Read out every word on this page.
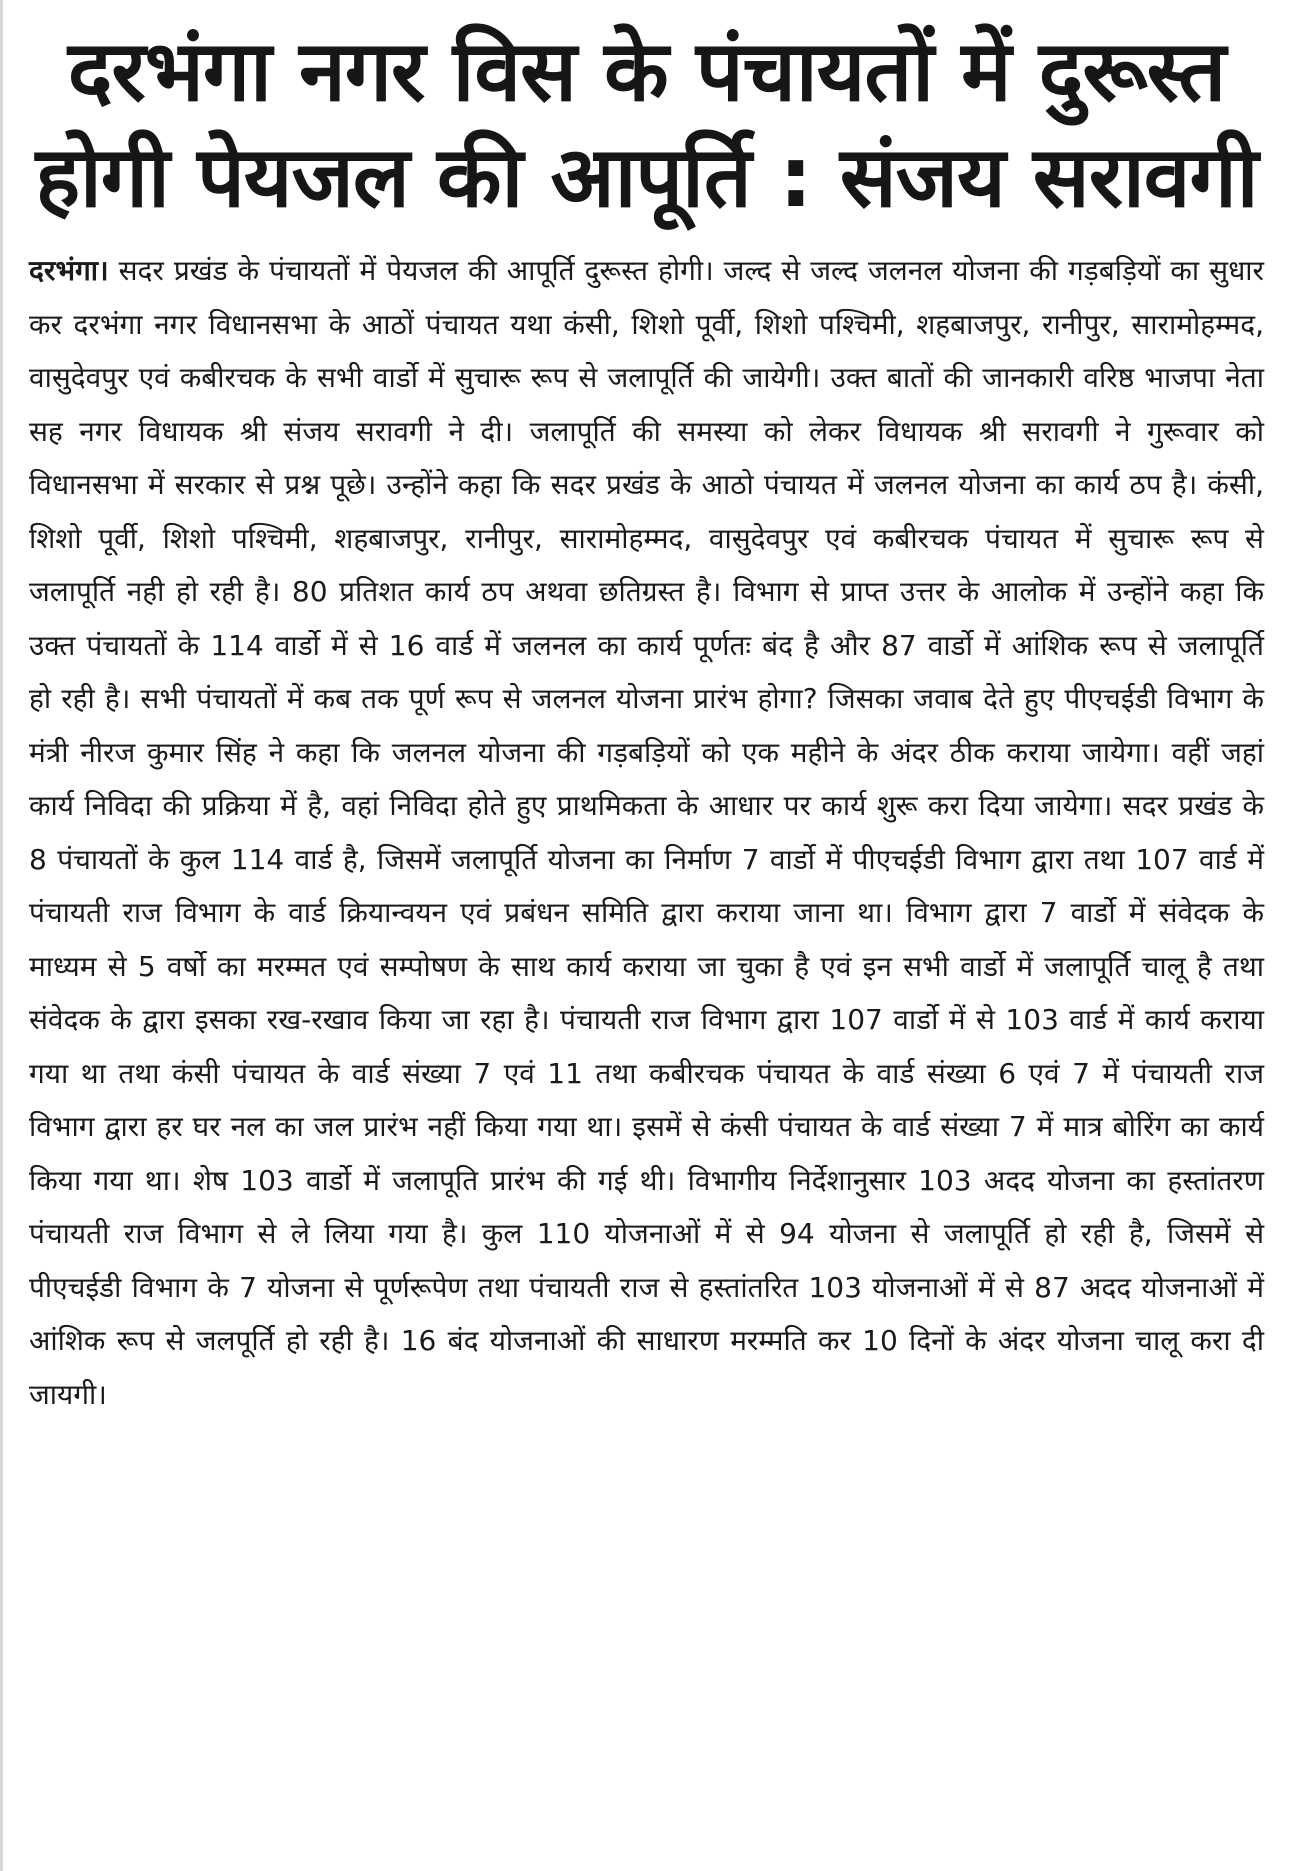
दरभंगा नगर विस के पंचायतों में दुरूस्त
होगी पेयजल की आपूर्ति : संजय सरावगी

दरभंगा। सदर प्रखंड के पंचायतों में पेयजल की आपूर्ति दुरूस्त होगी। जल्द से जल्द जलनल योजना की गड़बड़ियों का सुधार कर दरभंगा नगर विधानसभा के आठों पंचायत यथा कंसी, शिशो पूर्वी, शिशो पश्चिमी, शहबाजपुर, रानीपुर, सारामोहम्मद, वासुदेवपुर एवं कबीरचक के सभी वार्डो में सुचारू रूप से जलापूर्ति की जायेगी। उक्त बातों की जानकारी वरिष्ठ भाजपा नेता सह नगर विधायक श्री संजय सरावगी ने दी। जलापूर्ति की समस्या को लेकर विधायक श्री सरावगी ने गुरूवार को विधानसभा में सरकार से प्रश्न पूछे। उन्होंने कहा कि सदर प्रखंड के आठो पंचायत में जलनल योजना का कार्य ठप है। कंसी, शिशो पूर्वी, शिशो पश्चिमी, शहबाजपुर, रानीपुर, सारामोहम्मद, वासुदेवपुर एवं कबीरचक पंचायत में सुचारू रूप से जलापूर्ति नही हो रही है। 80 प्रतिशत कार्य ठप अथवा छतिग्रस्त है। विभाग से प्राप्त उत्तर के आलोक में उन्होंने कहा कि उक्त पंचायतों के 114 वार्डो में से 16 वार्ड में जलनल का कार्य पूर्णतः बंद है और 87 वार्डो में आंशिक रूप से जलापूर्ति हो रही है। सभी पंचायतों में कब तक पूर्ण रूप से जलनल योजना प्रारंभ होगा? जिसका जवाब देते हुए पीएचईडी विभाग के मंत्री नीरज कुमार सिंह ने कहा कि जलनल योजना की गड़बड़ियों को एक महीने के अंदर ठीक कराया जायेगा। वहीं जहां कार्य निविदा की प्रक्रिया में है, वहां निविदा होते हुए प्राथमिकता के आधार पर कार्य शुरू करा दिया जायेगा। सदर प्रखंड के 8 पंचायतों के कुल 114 वार्ड है, जिसमें जलापूर्ति योजना का निर्माण 7 वार्डो में पीएचईडी विभाग द्वारा तथा 107 वार्ड में पंचायती राज विभाग के वार्ड क्रियान्वयन एवं प्रबंधन समिति द्वारा कराया जाना था। विभाग द्वारा 7 वार्डो में संवेदक के माध्यम से 5 वर्षो का मरम्मत एवं सम्पोषण के साथ कार्य कराया जा चुका है एवं इन सभी वार्डो में जलापूर्ति चालू है तथा संवेदक के द्वारा इसका रख-रखाव किया जा रहा है। पंचायती राज विभाग द्वारा 107 वार्डो में से 103 वार्ड में कार्य कराया गया था तथा कंसी पंचायत के वार्ड संख्या 7 एवं 11 तथा कबीरचक पंचायत के वार्ड संख्या 6 एवं 7 में पंचायती राज विभाग द्वारा हर घर नल का जल प्रारंभ नहीं किया गया था। इसमें से कंसी पंचायत के वार्ड संख्या 7 में मात्र बोरिंग का कार्य किया गया था। शेष 103 वार्डो में जलापूति प्रारंभ की गई थी। विभागीय निर्देशानुसार 103 अदद योजना का हस्तांतरण पंचायती राज विभाग से ले लिया गया है। कुल 110 योजनाओं में से 94 योजना से जलापूर्ति हो रही है, जिसमें से पीएचईडी विभाग के 7 योजना से पूर्णरूपेण तथा पंचायती राज से हस्तांतरित 103 योजनाओं में से 87 अदद योजनाओं में आंशिक रूप से जलपूर्ति हो रही है। 16 बंद योजनाओं की साधारण मरम्मति कर 10 दिनों के अंदर योजना चालू करा दी जायगी।
